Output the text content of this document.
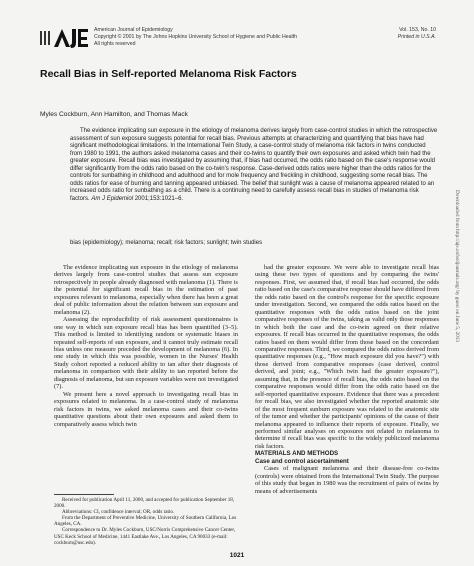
American Journal of Epidemiology
Copyright © 2001 by The Johns Hopkins University School of Hygiene and Public Health
All rights reserved
Vol. 153, No. 10
Printed in U.S.A.
Recall Bias in Self-reported Melanoma Risk Factors
Myles Cockburn, Ann Hamilton, and Thomas Mack
The evidence implicating sun exposure in the etiology of melanoma derives largely from case-control studies in which the retrospective assessment of sun exposure suggests potential for recall bias. Previous attempts at characterizing and quantifying that bias have had significant methodological limitations. In the International Twin Study, a case-control study of melanoma risk factors in twins conducted from 1980 to 1991, the authors asked melanoma cases and their co-twins to quantify their own exposures and asked which twin had the greater exposure. Recall bias was investigated by assuming that, if bias had occurred, the odds ratio based on the case's response would differ significantly from the odds ratio based on the co-twin's response. Case-derived odds ratios were higher than the odds ratios for the controls for sunbathing in childhood and adulthood and for mole frequency and freckling in childhood, suggesting some recall bias. The odds ratios for ease of burning and tanning appeared unbiased. The belief that sunlight was a cause of melanoma appeared related to an increased odds ratio for sunbathing as a child. There is a continuing need to carefully assess recall bias in studies of melanoma risk factors. Am J Epidemiol 2001;153:1021–6.
bias (epidemiology); melanoma; recall; risk factors; sunlight; twin studies

The evidence implicating sun exposure in the etiology of melanoma derives largely from case-control studies that assess sun exposure retrospectively in people already diagnosed with melanoma (1). There is the potential for significant recall bias in the estimation of past exposures relevant to melanoma, especially when there has been a great deal of public information about the relation between sun exposure and melanoma (2).

Assessing the reproducibility of risk assessment questionnaires is one way in which sun exposure recall bias has been quantified (3–5). This method is limited to identifying random or systematic biases in repeated self-reports of sun exposure, and it cannot truly estimate recall bias unless one measure preceded the development of melanoma (6). In one study in which this was possible, women in the Nurses' Health Study cohort reported a reduced ability to tan after their diagnosis of melanoma in comparison with their ability to tan reported before the diagnosis of melanoma, but sun exposure variables were not investigated (7).

We present here a novel approach to investigating recall bias in exposures related to melanoma. In a case-control study of melanoma risk factors in twins, we asked melanoma cases and their co-twins quantitative questions about their own exposures and asked them to comparatively assess which twin

had the greater exposure. We were able to investigate recall bias using these two types of questions and by comparing the twins' responses. First, we assumed that, if recall bias had occurred, the odds ratio based on the case's comparative response should have differed from the odds ratio based on the control's response for the specific exposure under investigation. Second, we compared the odds ratios based on the quantitative responses with the odds ratios based on the joint comparative responses of the twins, taking as valid only those responses in which both the case and the co-twin agreed on their relative exposures. If recall bias occurred in the quantitative responses, the odds ratios based on them would differ from those based on the concordant comparative responses. Third, we compared the odds ratios derived from quantitative responses (e.g., "How much exposure did you have?") with those derived from comparative responses (case derived, control derived, and joint; e.g., "Which twin had the greater exposure?"), assuming that, in the presence of recall bias, the odds ratio based on the comparative responses would differ from the odds ratio based on the self-reported quantitative exposure. Evidence that there was a precedent for recall bias, we also investigated whether the reported anatomic site of the most frequent sunburn exposure was related to the anatomic site of the tumor and whether the participants' opinions of the cause of their melanoma appeared to influence their reports of exposure. Finally, we performed similar analyses on exposures not related to melanoma to determine if recall bias was specific to the widely publicized melanoma risk factors.

MATERIALS AND METHODS

Case and control ascertainment

Cases of malignant melanoma and their disease-free co-twins (controls) were obtained from the International Twin Study. The purpose of this study that began in 1980 was the recruitment of pairs of twins by means of advertisements

Received for publication April 11, 2000, and accepted for publication September 18, 2000.

Abbreviations: CI, confidence interval; OR, odds ratio.

From the Department of Preventive Medicine, University of Southern California, Los Angeles, CA.

Correspondence to Dr. Myles Cockburn, USC/Norris Comprehensive Cancer Center, USC Keck School of Medicine, 1441 Eastlake Ave., Los Angeles, CA 90033 (e-mail: cockburn@usc.edu).

1021
Downloaded from http://aje.oxfordjournals.org/ by guest on June 5, 2013
